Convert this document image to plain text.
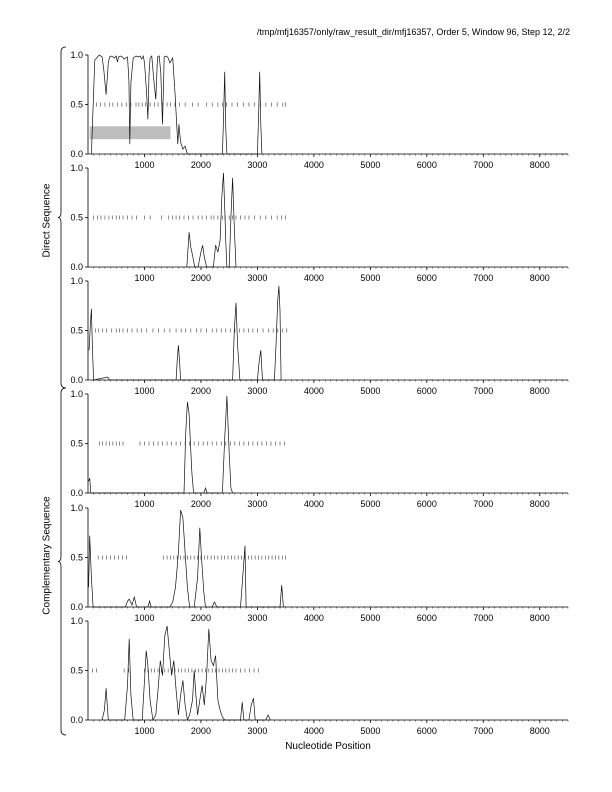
/tmp/mfj16357/only/raw_result_dir/mfj16357, Order 5, Window 96, Step 12, 2/2
0.0
0.5
1.0
1000	2000	3000	4000	5000	6000	7000	8000
0.0
0.5
1.0
1000	2000	3000	4000	5000	6000	7000	8000
0.0
0.5
1.0
1000	2000	3000	4000	5000	6000	7000	8000
0.0
0.5
1.0
1000	2000	3000	4000	5000	6000	7000	8000
0.0
0.5
1.0
1000	2000	3000	4000	5000	6000	7000	8000
0.0
0.5
1.0
1000	2000	3000	4000	5000	6000	7000	8000
Direct Sequence
Complementary Sequence
Nucleotide Position
